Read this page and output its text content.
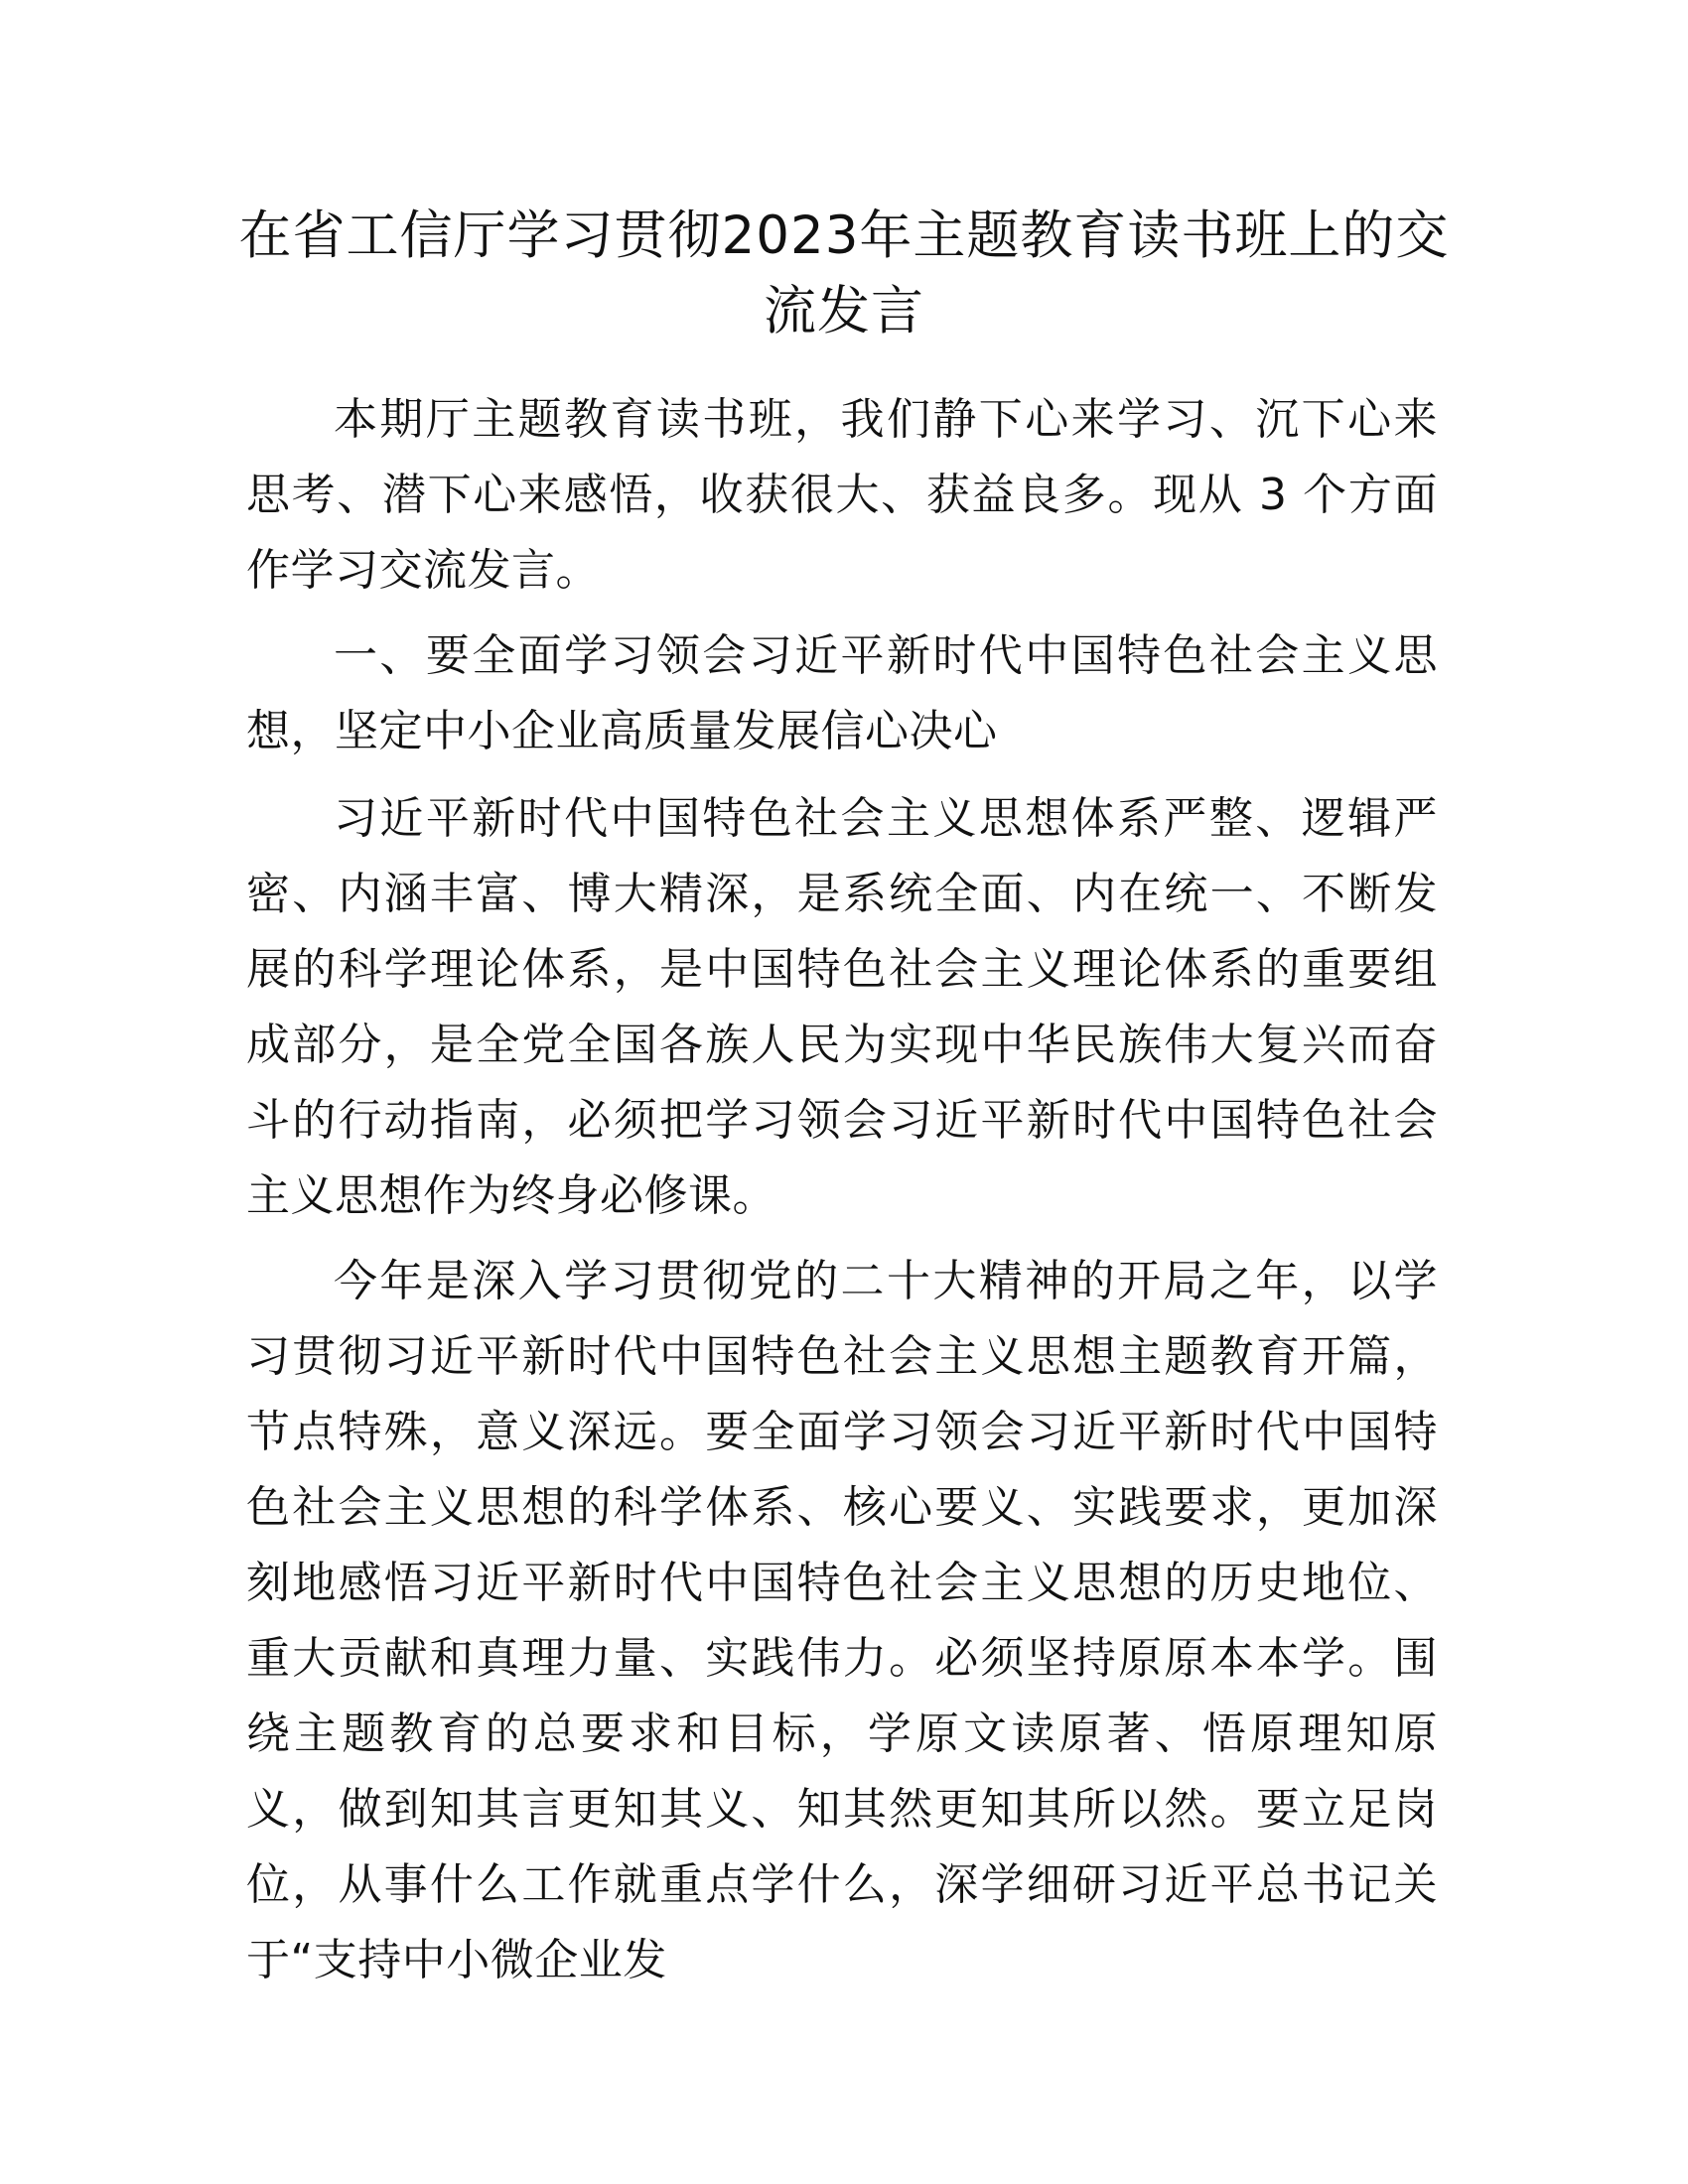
在省工信厅学习贯彻2023年主题教育读书班上的交流发言

本期厅主题教育读书班，我们静下心来学习、沉下心来思考、潜下心来感悟，收获很大、获益良多。现从 3 个方面作学习交流发言。

一、要全面学习领会习近平新时代中国特色社会主义思想，坚定中小企业高质量发展信心决心

习近平新时代中国特色社会主义思想体系严整、逻辑严密、内涵丰富、博大精深，是系统全面、内在统一、不断发展的科学理论体系，是中国特色社会主义理论体系的重要组成部分，是全党全国各族人民为实现中华民族伟大复兴而奋斗的行动指南，必须把学习领会习近平新时代中国特色社会主义思想作为终身必修课。

今年是深入学习贯彻党的二十大精神的开局之年，以学习贯彻习近平新时代中国特色社会主义思想主题教育开篇，节点特殊，意义深远。要全面学习领会习近平新时代中国特色社会主义思想的科学体系、核心要义、实践要求，更加深刻地感悟习近平新时代中国特色社会主义思想的历史地位、重大贡献和真理力量、实践伟力。必须坚持原原本本学。围绕主题教育的总要求和目标，学原文读原著、悟原理知原义，做到知其言更知其义、知其然更知其所以然。要立足岗位，从事什么工作就重点学什么，深学细研习近平总书记关于“支持中小微企业发
